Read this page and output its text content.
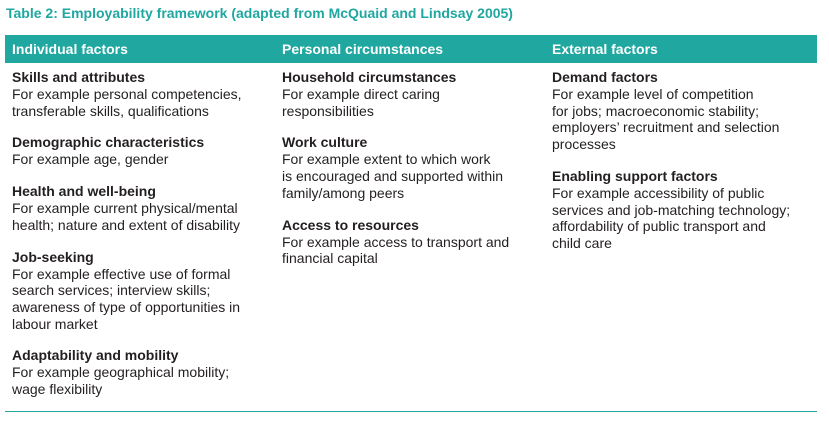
Table 2: Employability framework (adapted from McQuaid and Lindsay 2005)
Individual factors	Personal circumstances	External factors
Skills and attributes
For example personal competencies,
transferable skills, qualifications
Demographic characteristics
For example age, gender
Health and well-being
For example current physical/mental
health; nature and extent of disability
Job-seeking
For example effective use of formal
search services; interview skills;
awareness of type of opportunities in
labour market
Adaptability and mobility
For example geographical mobility;
wage flexibility
Household circumstances
For example direct caring
responsibilities
Work culture
For example extent to which work
is encouraged and supported within
family/among peers
Access to resources
For example access to transport and
financial capital
Demand factors
For example level of competition
for jobs; macroeconomic stability;
employers’ recruitment and selection
processes
Enabling support factors
For example accessibility of public
services and job-matching technology;
affordability of public transport and
child care
